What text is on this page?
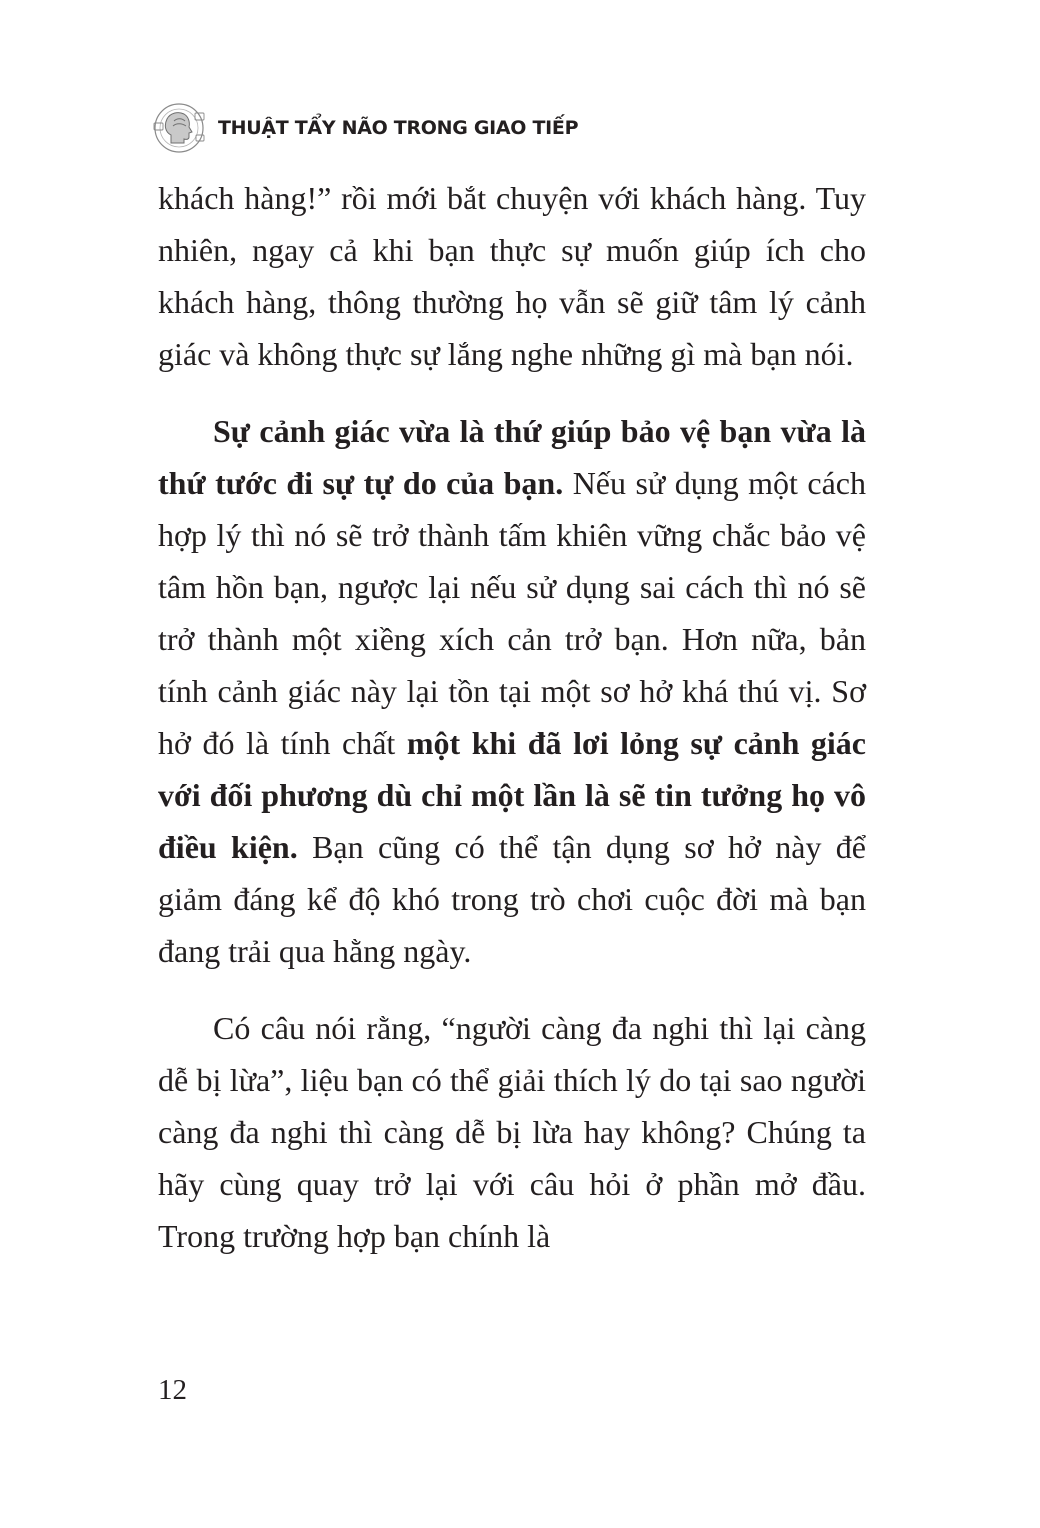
THUẬT TẨY NÃO TRONG GIAO TIẾP

khách hàng!” rồi mới bắt chuyện với khách hàng. Tuy nhiên, ngay cả khi bạn thực sự muốn giúp ích cho khách hàng, thông thường họ vẫn sẽ giữ tâm lý cảnh giác và không thực sự lắng nghe những gì mà bạn nói.

Sự cảnh giác vừa là thứ giúp bảo vệ bạn vừa là thứ tước đi sự tự do của bạn. Nếu sử dụng một cách hợp lý thì nó sẽ trở thành tấm khiên vững chắc bảo vệ tâm hồn bạn, ngược lại nếu sử dụng sai cách thì nó sẽ trở thành một xiềng xích cản trở bạn. Hơn nữa, bản tính cảnh giác này lại tồn tại một sơ hở khá thú vị. Sơ hở đó là tính chất một khi đã lơi lỏng sự cảnh giác với đối phương dù chỉ một lần là sẽ tin tưởng họ vô điều kiện. Bạn cũng có thể tận dụng sơ hở này để giảm đáng kể độ khó trong trò chơi cuộc đời mà bạn đang trải qua hằng ngày.

Có câu nói rằng, “người càng đa nghi thì lại càng dễ bị lừa”, liệu bạn có thể giải thích lý do tại sao người càng đa nghi thì càng dễ bị lừa hay không? Chúng ta hãy cùng quay trở lại với câu hỏi ở phần mở đầu. Trong trường hợp bạn chính là

12
